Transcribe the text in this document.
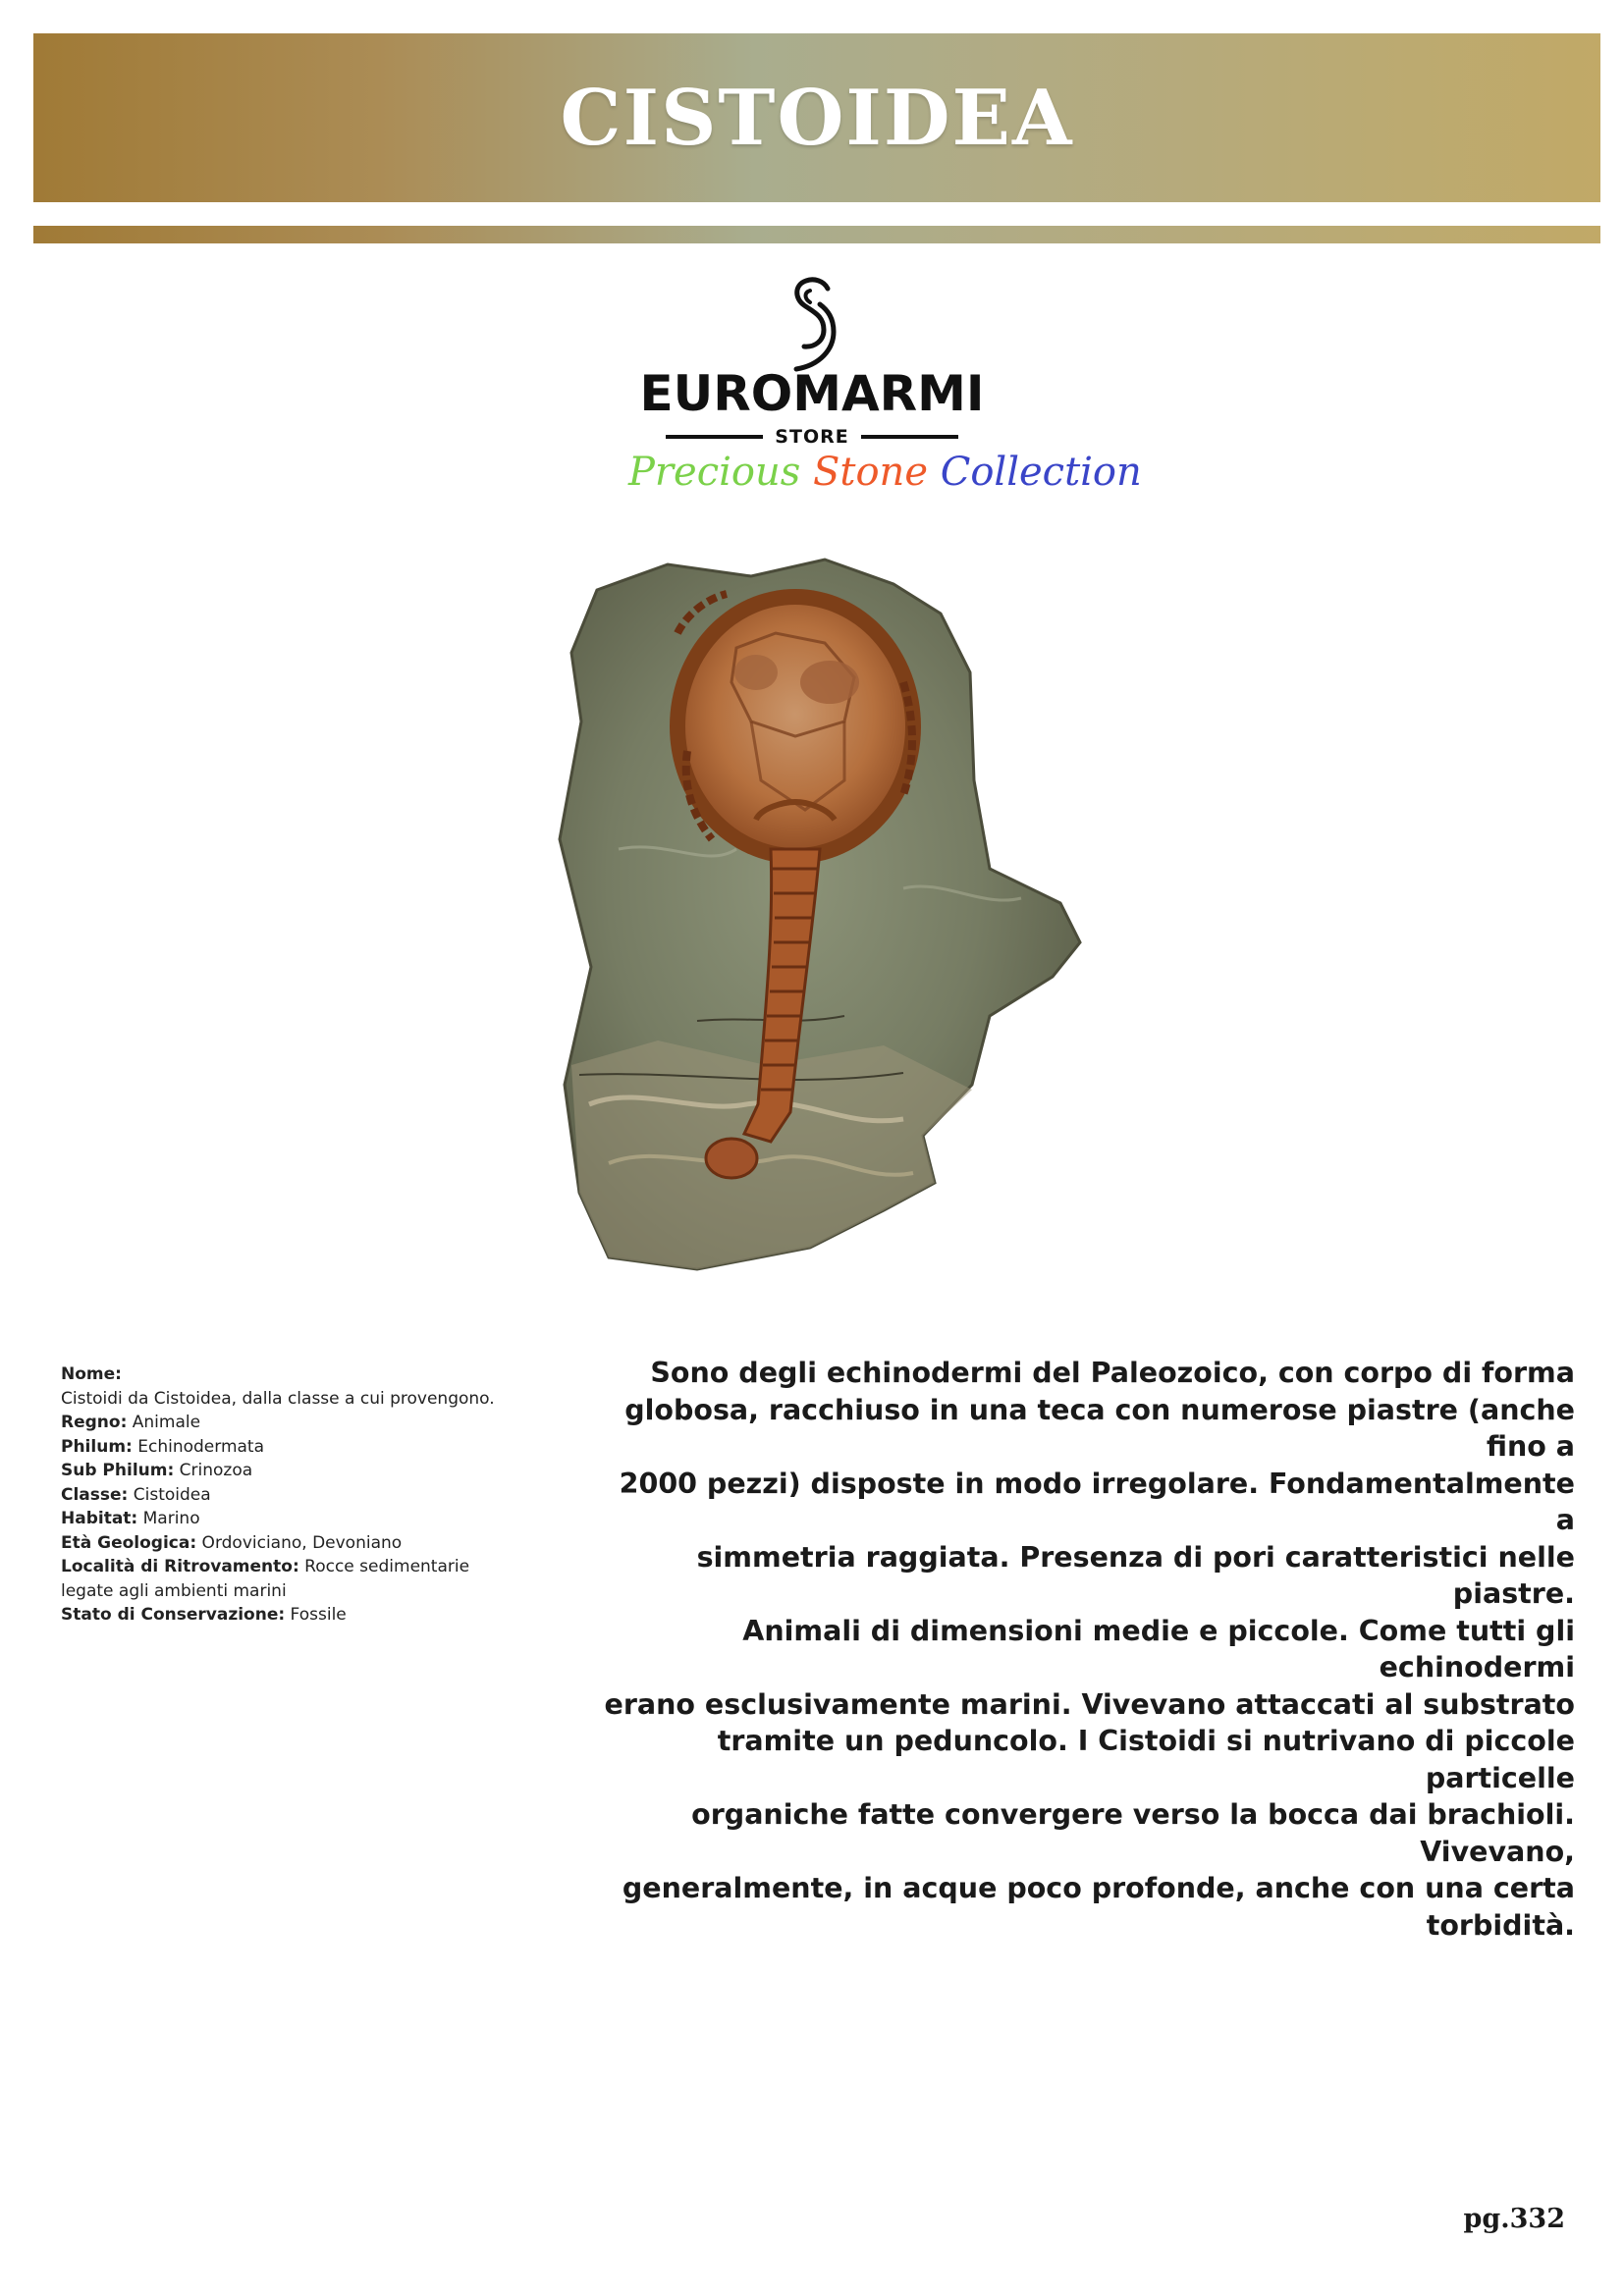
CISTOIDEA
EUROMARMI
STORE
Precious Stone Collection
Nome:
Cistoidi da Cistoidea, dalla classe a cui provengono.
Regno: Animale
Philum: Echinodermata
Sub Philum: Crinozoa
Classe: Cistoidea
Habitat: Marino
Età Geologica: Ordoviciano, Devoniano
Località di Ritrovamento: Rocce sedimentarie
legate agli ambienti marini
Stato di Conservazione: Fossile
Sono degli echinodermi del Paleozoico, con corpo di forma
globosa, racchiuso in una teca con numerose piastre (anche fino a
2000 pezzi) disposte in modo irregolare. Fondamentalmente a
simmetria raggiata. Presenza di pori caratteristici nelle piastre.
Animali di dimensioni medie e piccole. Come tutti gli echinodermi
erano esclusivamente marini. Vivevano attaccati al substrato
tramite un peduncolo. I Cistoidi si nutrivano di piccole particelle
organiche fatte convergere verso la bocca dai brachioli. Vivevano,
generalmente, in acque poco profonde, anche con una certa
torbidità.
pg.332
